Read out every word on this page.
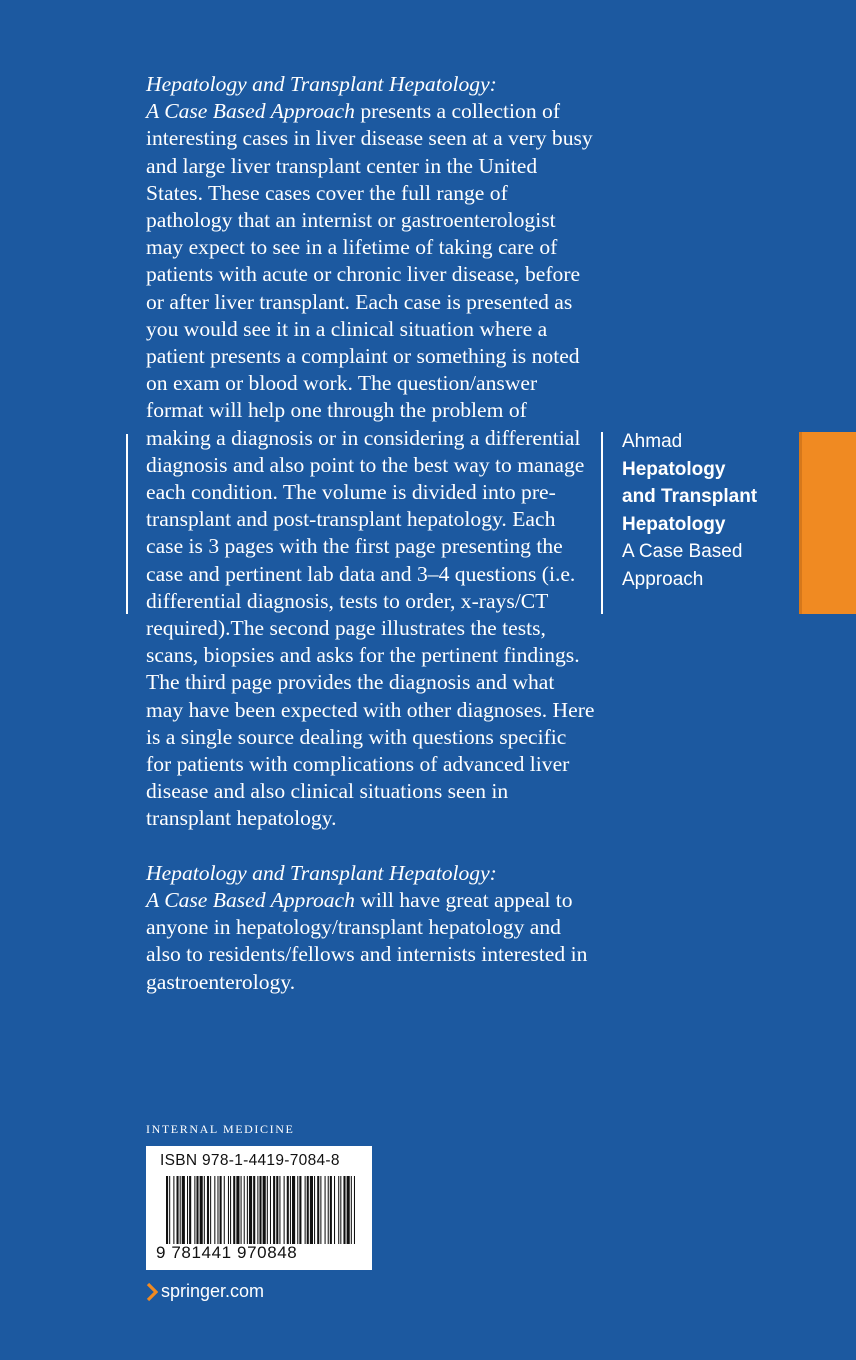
Hepatology and Transplant Hepatology:
A Case Based Approach presents a collection of interesting cases in liver disease seen at a very busy and large liver transplant center in the United States. These cases cover the full range of pathology that an internist or gastroenterologist may expect to see in a lifetime of taking care of patients with acute or chronic liver disease, before or after liver transplant. Each case is presented as you would see it in a clinical situation where a patient presents a complaint or something is noted on exam or blood work. The question/answer format will help one through the problem of making a diagnosis or in considering a differential diagnosis and also point to the best way to manage each condition. The volume is divided into pre-transplant and post-transplant hepatology. Each case is 3 pages with the first page presenting the case and pertinent lab data and 3–4 questions (i.e. differential diagnosis, tests to order, x-rays/CT required).The second page illustrates the tests, scans, biopsies and asks for the pertinent findings. The third page provides the diagnosis and what may have been expected with other diagnoses. Here is a single source dealing with questions specific for patients with complications of advanced liver disease and also clinical situations seen in transplant hepatology.

Hepatology and Transplant Hepatology:
A Case Based Approach will have great appeal to anyone in hepatology/transplant hepatology and also to residents/fellows and internists interested in gastroenterology.

Ahmad
Hepatology
and Transplant
Hepatology
A Case Based
Approach
INTERNAL MEDICINE
ISBN 978-1-4419-7084-8
9 781441 970848
springer.com
